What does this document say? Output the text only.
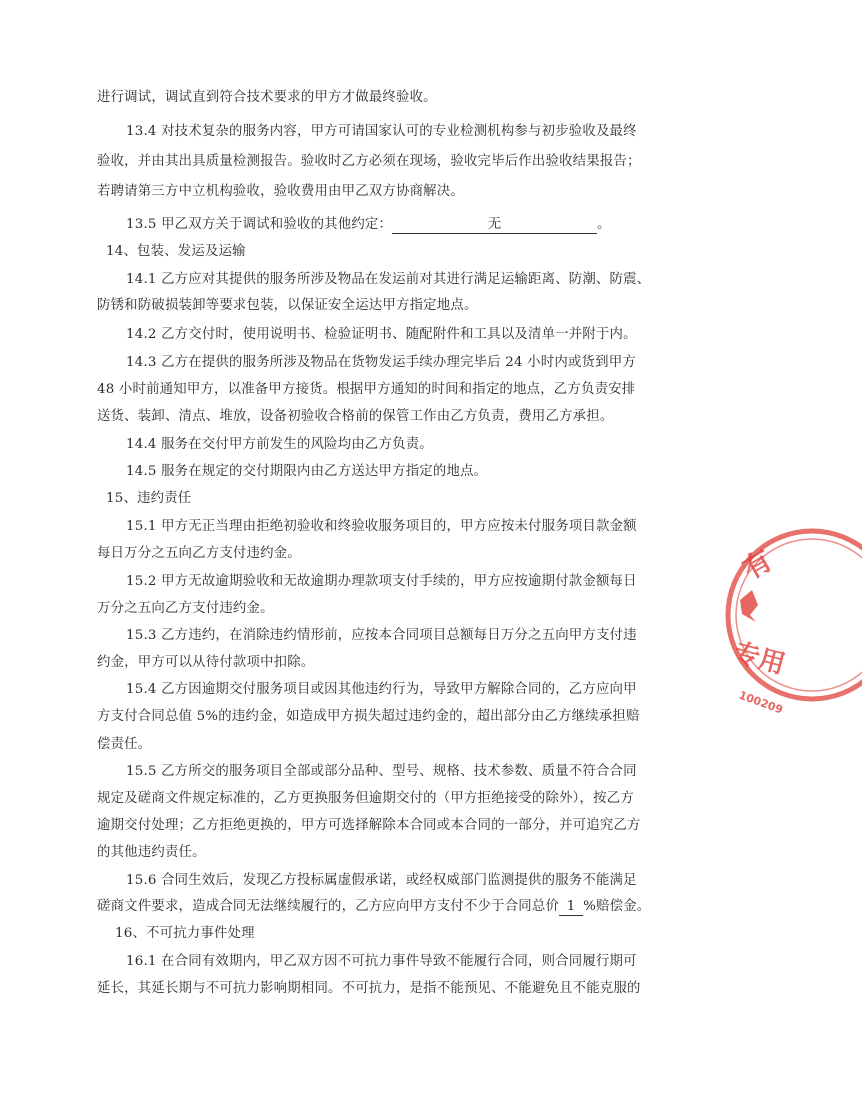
进行调试，调试直到符合技术要求的甲方才做最终验收。
13.4 对技术复杂的服务内容，甲方可请国家认可的专业检测机构参与初步验收及最终
验收，并由其出具质量检测报告。验收时乙方必须在现场，验收完毕后作出验收结果报告；
若聘请第三方中立机构验收，验收费用由甲乙双方协商解决。
13.5 甲乙双方关于调试和验收的其他约定：	无	。
14、包装、发运及运输
14.1 乙方应对其提供的服务所涉及物品在发运前对其进行满足运输距离、防潮、防震、
防锈和防破损装卸等要求包装，以保证安全运达甲方指定地点。
14.2 乙方交付时，使用说明书、检验证明书、随配附件和工具以及清单一并附于内。
14.3 乙方在提供的服务所涉及物品在货物发运手续办理完毕后 24 小时内或货到甲方
48 小时前通知甲方，以准备甲方接货。根据甲方通知的时间和指定的地点，乙方负责安排
送货、装卸、清点、堆放，设备初验收合格前的保管工作由乙方负责，费用乙方承担。
14.4 服务在交付甲方前发生的风险均由乙方负责。
14.5 服务在规定的交付期限内由乙方送达甲方指定的地点。
15、违约责任
15.1 甲方无正当理由拒绝初验收和终验收服务项目的，甲方应按未付服务项目款金额
每日万分之五向乙方支付违约金。
15.2 甲方无故逾期验收和无故逾期办理款项支付手续的，甲方应按逾期付款金额每日
万分之五向乙方支付违约金。
15.3 乙方违约，在消除违约情形前，应按本合同项目总额每日万分之五向甲方支付违
约金，甲方可以从待付款项中扣除。
15.4 乙方因逾期交付服务项目或因其他违约行为，导致甲方解除合同的，乙方应向甲
方支付合同总值 5%的违约金，如造成甲方损失超过违约金的，超出部分由乙方继续承担赔
偿责任。
15.5 乙方所交的服务项目全部或部分品种、型号、规格、技术参数、质量不符合合同
规定及磋商文件规定标准的，乙方更换服务但逾期交付的（甲方拒绝接受的除外），按乙方
逾期交付处理；乙方拒绝更换的，甲方可选择解除本合同或本合同的一部分，并可追究乙方
的其他违约责任。
15.6 合同生效后，发现乙方投标属虚假承诺，或经权威部门监测提供的服务不能满足
磋商文件要求，造成合同无法继续履行的，乙方应向甲方支付不少于合同总价 1 %赔偿金。
16、不可抗力事件处理
16.1 在合同有效期内，甲乙双方因不可抗力事件导致不能履行合同，则合同履行期可
延长，其延长期与不可抗力影响期相同。不可抗力，是指不能预见、不能避免且不能克服的
有
专用
100209
